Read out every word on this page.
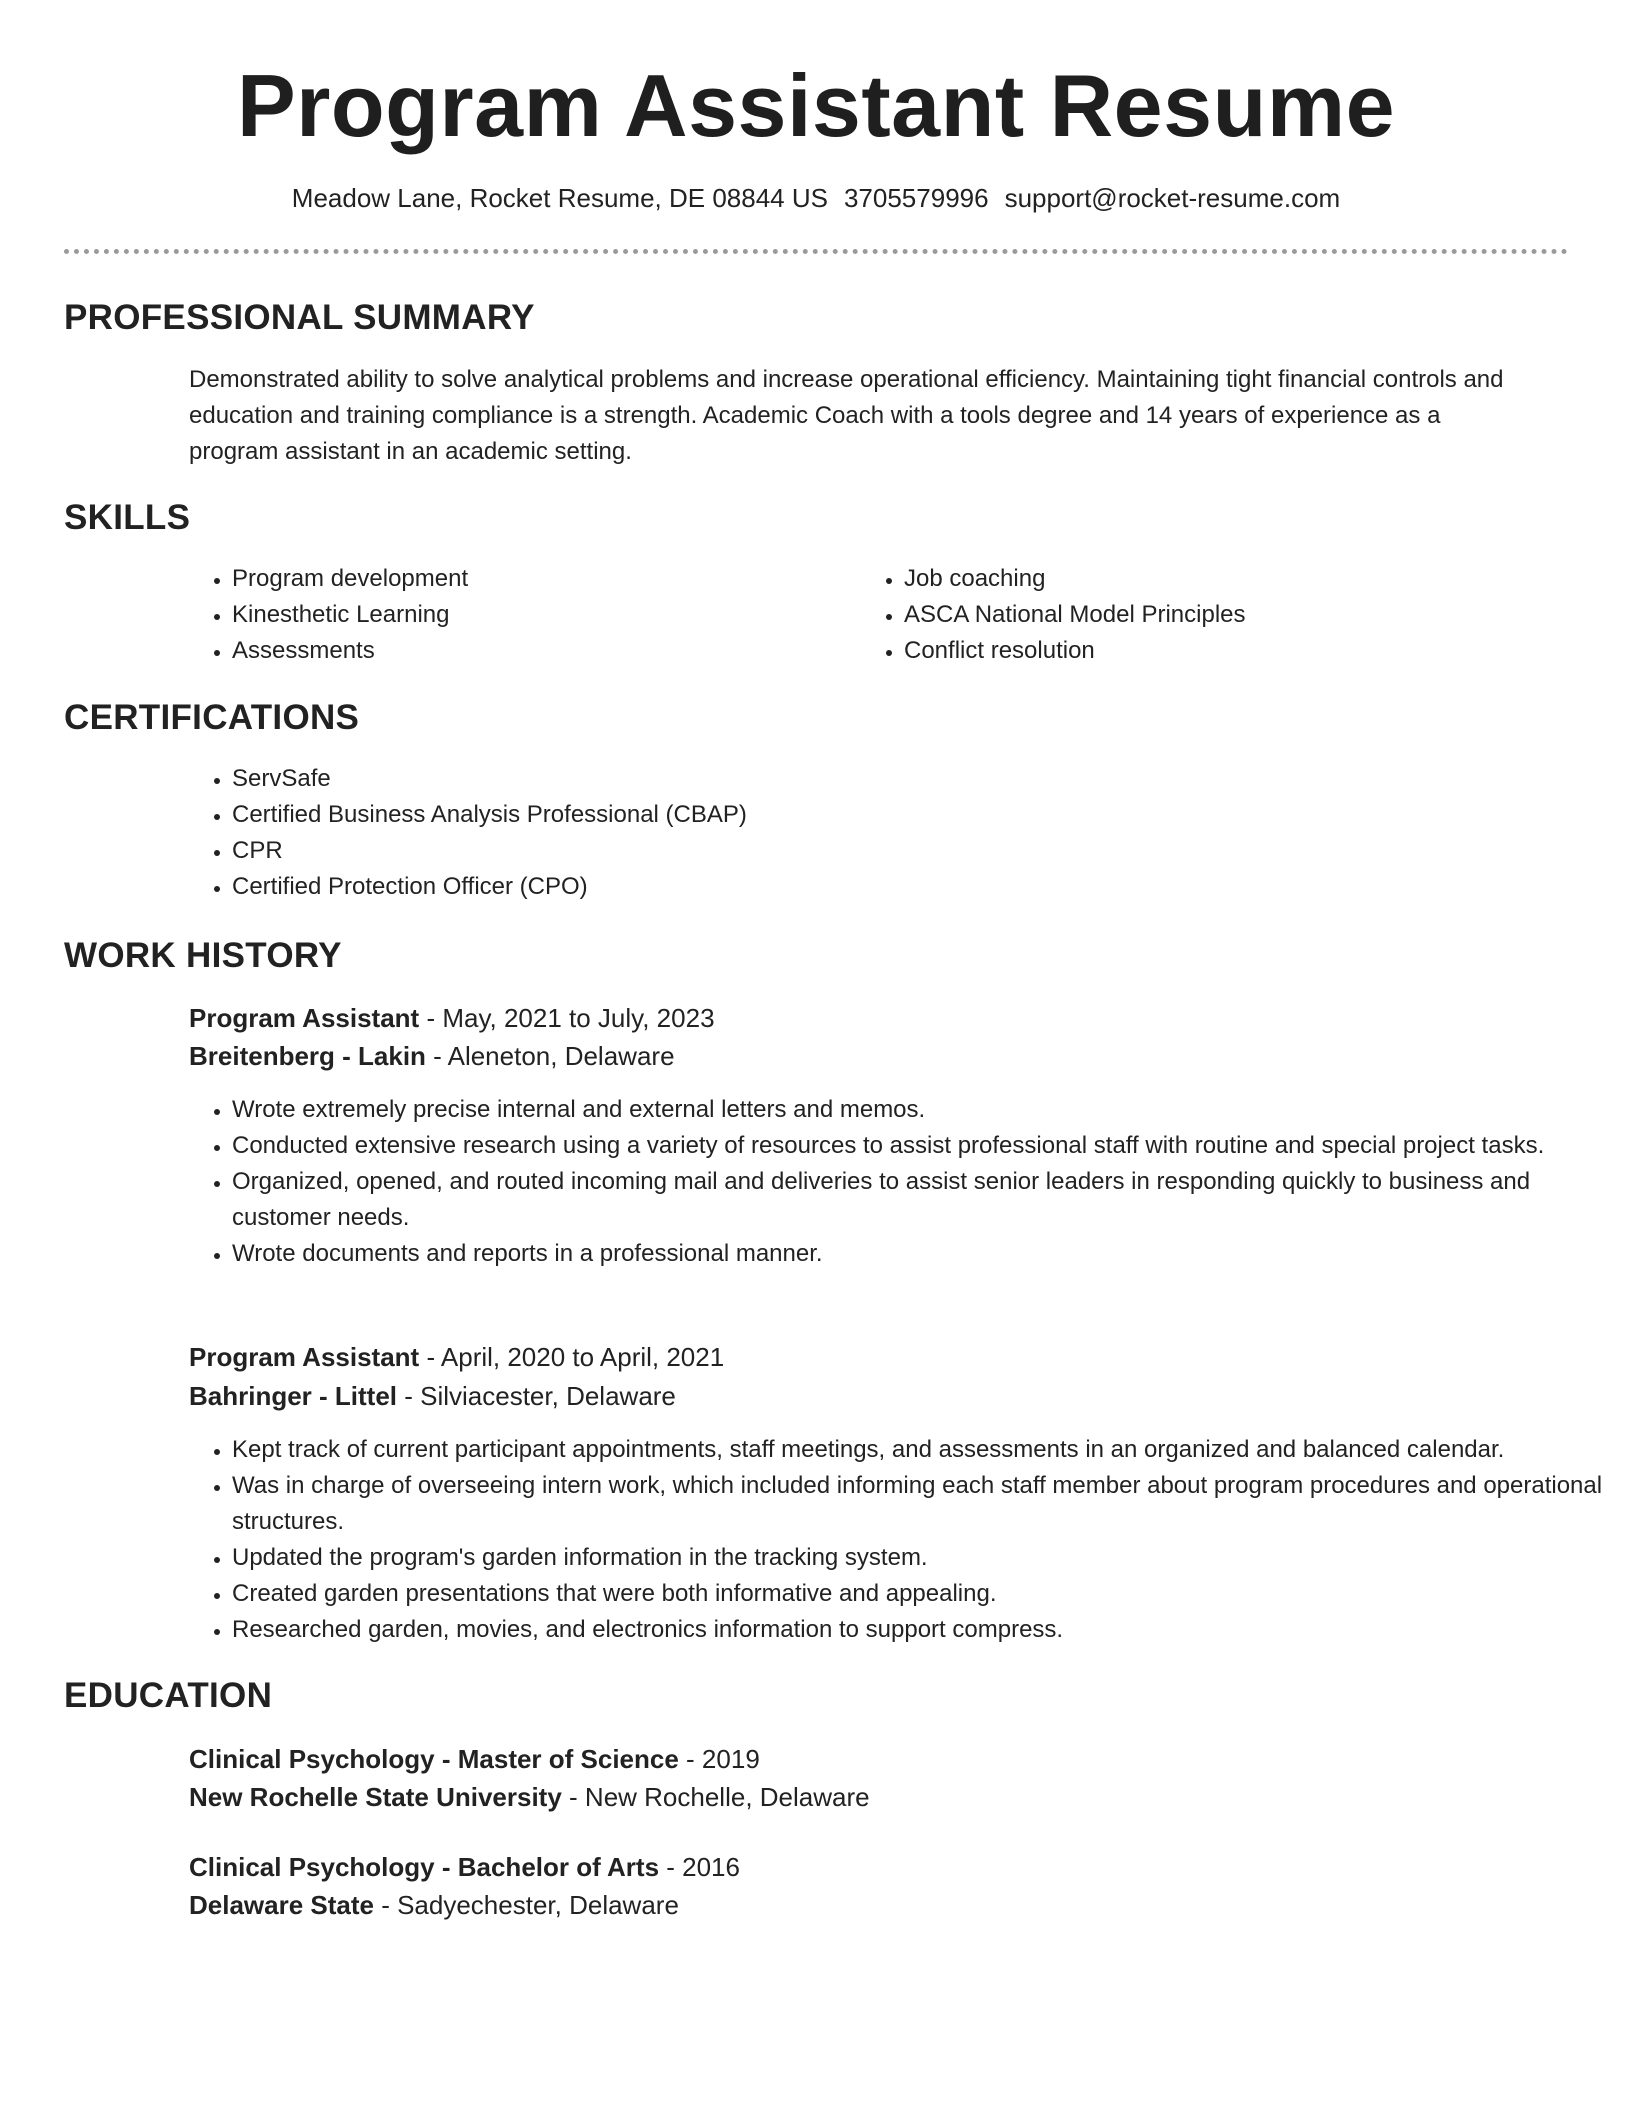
Program Assistant Resume
Meadow Lane, Rocket Resume, DE 08844 US 3705579996 support@rocket-resume.com
PROFESSIONAL SUMMARY

Demonstrated ability to solve analytical problems and increase operational efficiency. Maintaining tight financial controls and education and training compliance is a strength. Academic Coach with a tools degree and 14 years of experience as a program assistant in an academic setting.

SKILLS
• Program development
• Kinesthetic Learning
• Assessments
• Job coaching
• ASCA National Model Principles
• Conflict resolution
CERTIFICATIONS
• ServSafe
• Certified Business Analysis Professional (CBAP)
• CPR
• Certified Protection Officer (CPO)
WORK HISTORY
Program Assistant - May, 2021 to July, 2023
Breitenberg - Lakin - Aleneton, Delaware
• Wrote extremely precise internal and external letters and memos.
• Conducted extensive research using a variety of resources to assist professional staff with routine and special project tasks.
• Organized, opened, and routed incoming mail and deliveries to assist senior leaders in responding quickly to business and customer needs.
• Wrote documents and reports in a professional manner.
Program Assistant - April, 2020 to April, 2021
Bahringer - Littel - Silviacester, Delaware
• Kept track of current participant appointments, staff meetings, and assessments in an organized and balanced calendar.
• Was in charge of overseeing intern work, which included informing each staff member about program procedures and operational structures.
• Updated the program's garden information in the tracking system.
• Created garden presentations that were both informative and appealing.
• Researched garden, movies, and electronics information to support compress.
EDUCATION
Clinical Psychology - Master of Science - 2019
New Rochelle State University - New Rochelle, Delaware
Clinical Psychology - Bachelor of Arts - 2016
Delaware State - Sadyechester, Delaware
